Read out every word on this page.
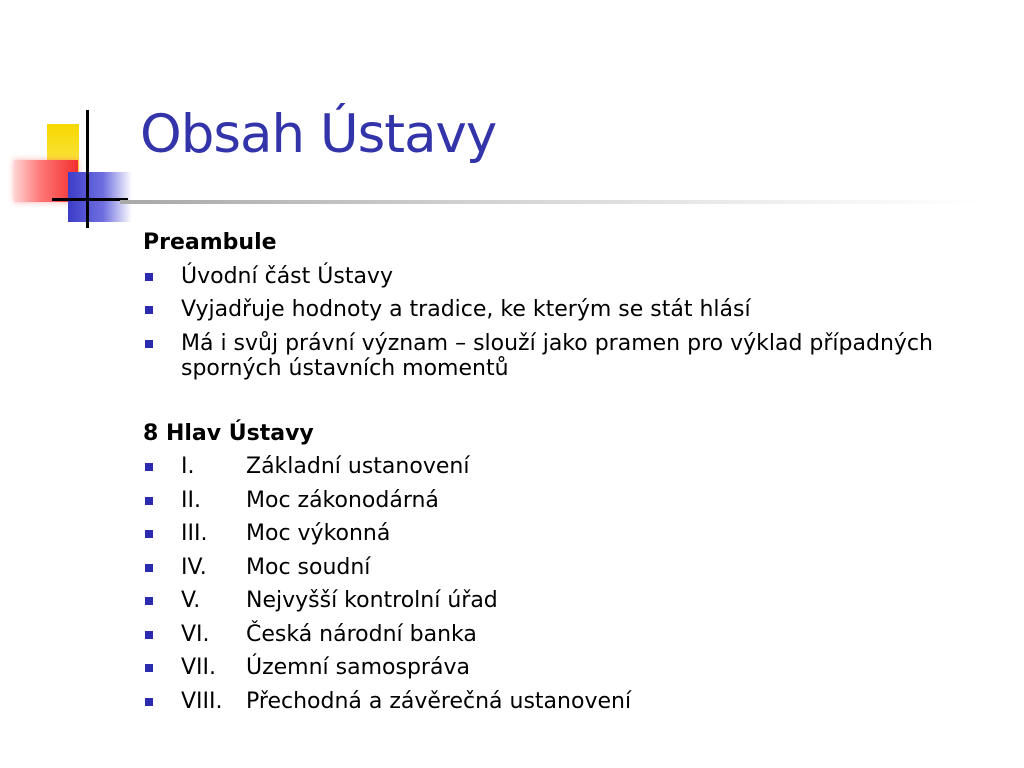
Obsah Ústavy
Preambule
Úvodní část Ústavy
Vyjadřuje hodnoty a tradice, ke kterým se stát hlásí
Má i svůj právní význam – slouží jako pramen pro výklad případných sporných ústavních momentů
8 Hlav Ústavy
I. Základní ustanovení
II. Moc zákonodárná
III. Moc výkonná
IV. Moc soudní
V. Nejvyšší kontrolní úřad
VI. Česká národní banka
VII. Územní samospráva
VIII. Přechodná a závěrečná ustanovení
